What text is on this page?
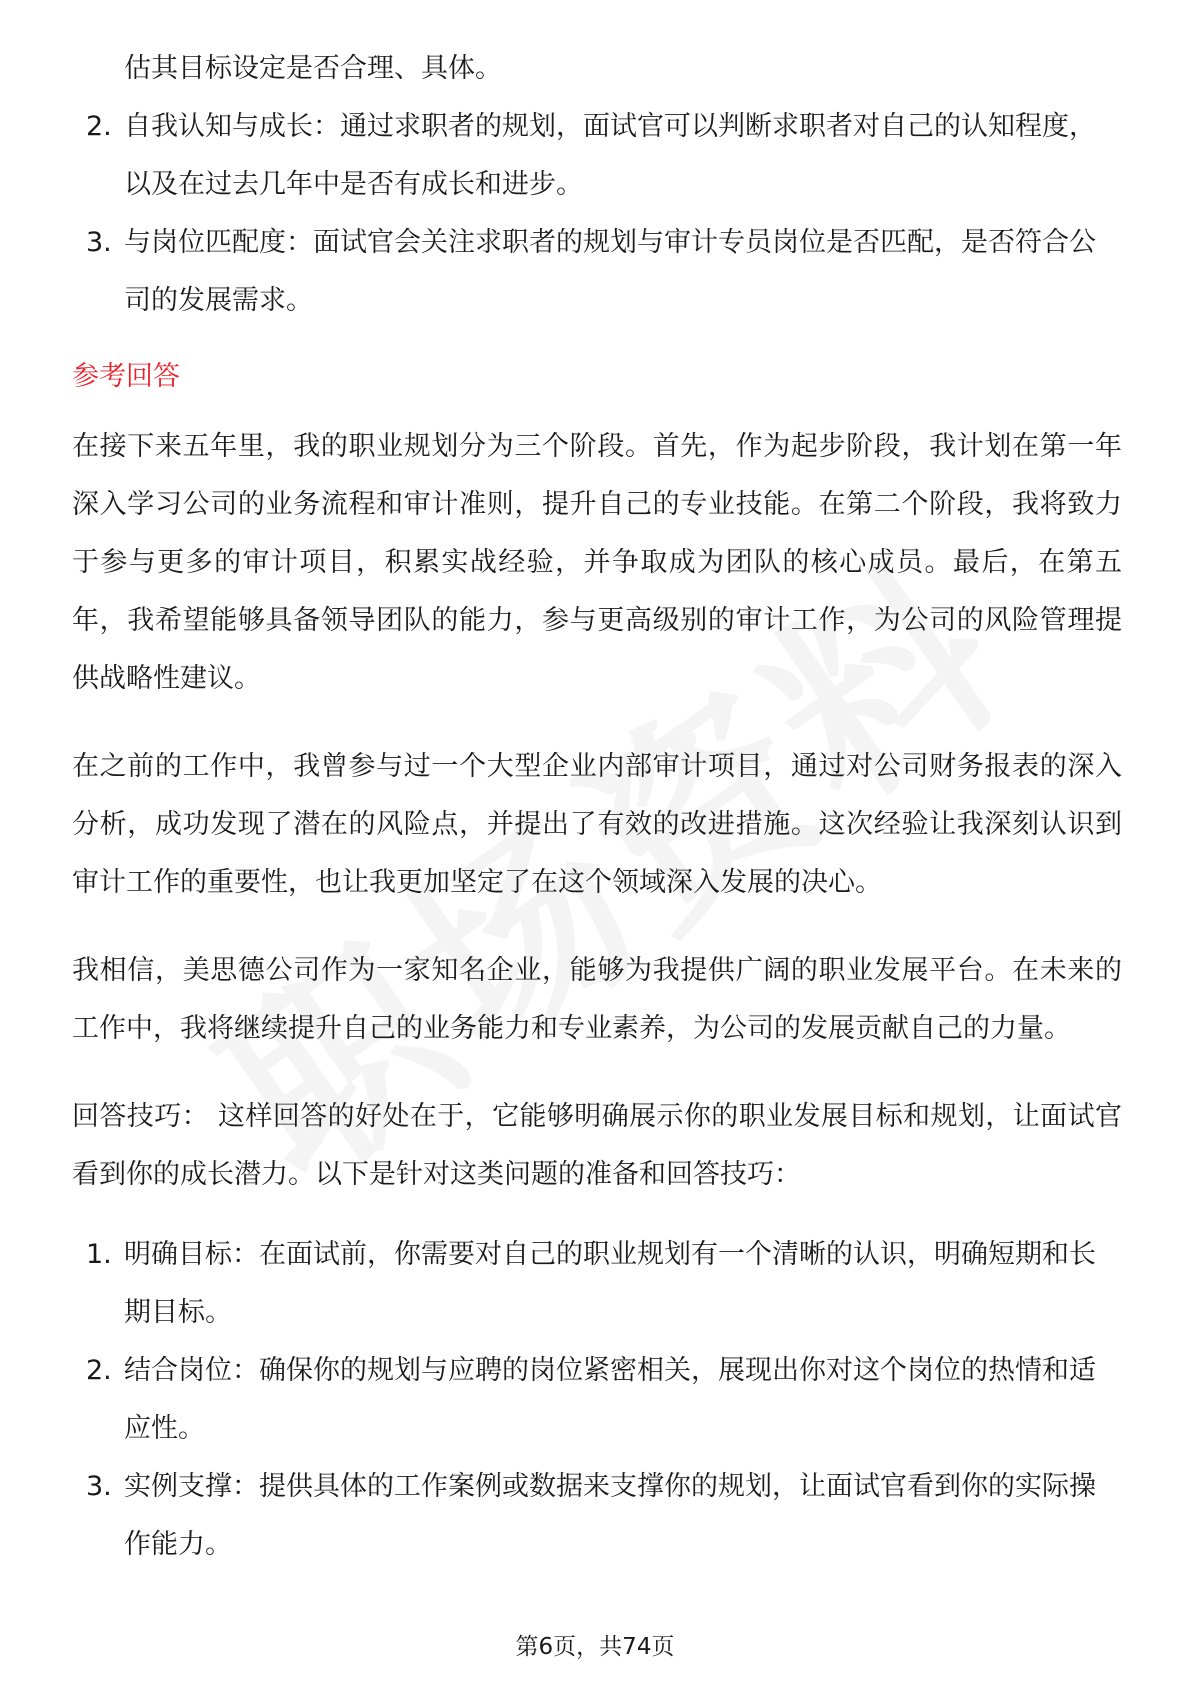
估其目标设定是否合理、具体。

2. 自我认知与成长：通过求职者的规划，面试官可以判断求职者对自己的认知程度，以及在过去几年中是否有成长和进步。
3. 与岗位匹配度：面试官会关注求职者的规划与审计专员岗位是否匹配，是否符合公司的发展需求。
参考回答

在接下来五年里，我的职业规划分为三个阶段。首先，作为起步阶段，我计划在第一年深入学习公司的业务流程和审计准则，提升自己的专业技能。在第二个阶段，我将致力于参与更多的审计项目，积累实战经验，并争取成为团队的核心成员。最后，在第五年，我希望能够具备领导团队的能力，参与更高级别的审计工作，为公司的风险管理提供战略性建议。

在之前的工作中，我曾参与过一个大型企业内部审计项目，通过对公司财务报表的深入分析，成功发现了潜在的风险点，并提出了有效的改进措施。这次经验让我深刻认识到审计工作的重要性，也让我更加坚定了在这个领域深入发展的决心。

我相信，美思德公司作为一家知名企业，能够为我提供广阔的职业发展平台。在未来的工作中，我将继续提升自己的业务能力和专业素养，为公司的发展贡献自己的力量。

回答技巧： 这样回答的好处在于，它能够明确展示你的职业发展目标和规划，让面试官看到你的成长潜力。以下是针对这类问题的准备和回答技巧：

1. 明确目标：在面试前，你需要对自己的职业规划有一个清晰的认识，明确短期和长期目标。
2. 结合岗位：确保你的规划与应聘的岗位紧密相关，展现出你对这个岗位的热情和适应性。
3. 实例支撑：提供具体的工作案例或数据来支撑你的规划，让面试官看到你的实际操作能力。
第6页，共74页
